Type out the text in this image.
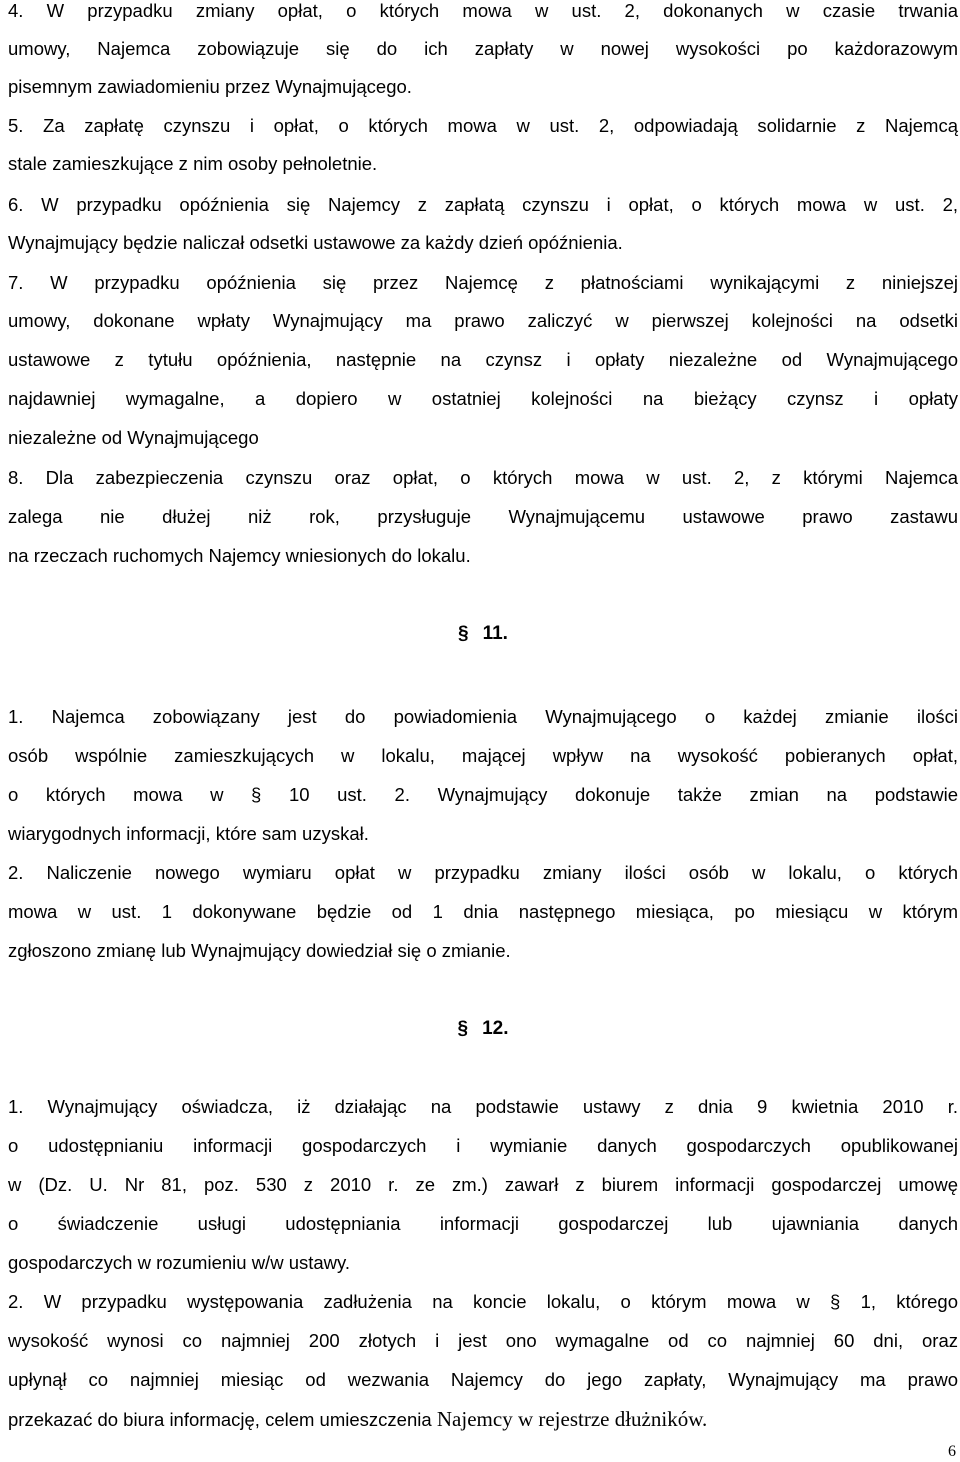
4. W przypadku zmiany opłat, o których mowa w ust. 2, dokonanych w czasie trwania
umowy, Najemca zobowiązuje się do ich zapłaty w nowej wysokości po każdorazowym
pisemnym zawiadomieniu przez Wynajmującego.
5. Za zapłatę czynszu i opłat, o których mowa w ust. 2, odpowiadają solidarnie z Najemcą
stale zamieszkujące z nim osoby pełnoletnie.
6. W przypadku opóźnienia się Najemcy z zapłatą czynszu i opłat, o których mowa w ust. 2,
Wynajmujący będzie naliczał odsetki ustawowe za każdy dzień opóźnienia.
7. W przypadku opóźnienia się przez Najemcę z płatnościami wynikającymi z niniejszej
umowy, dokonane wpłaty Wynajmujący ma prawo zaliczyć w pierwszej kolejności na odsetki
ustawowe z tytułu opóźnienia, następnie na czynsz i opłaty niezależne od Wynajmującego
najdawniej wymagalne, a dopiero w ostatniej kolejności na bieżący czynsz i opłaty
niezależne od Wynajmującego
8. Dla zabezpieczenia czynszu oraz opłat, o których mowa w ust. 2, z którymi Najemca
zalega nie dłużej niż rok, przysługuje Wynajmującemu ustawowe prawo zastawu
na rzeczach ruchomych Najemcy wniesionych do lokalu.
§ 11.
1. Najemca zobowiązany jest do powiadomienia Wynajmującego o każdej zmianie ilości
osób wspólnie zamieszkujących w lokalu, mającej wpływ na wysokość pobieranych opłat,
o których mowa w § 10 ust. 2. Wynajmujący dokonuje także zmian na podstawie
wiarygodnych informacji, które sam uzyskał.
2. Naliczenie nowego wymiaru opłat w przypadku zmiany ilości osób w lokalu, o których
mowa w ust. 1 dokonywane będzie od 1 dnia następnego miesiąca, po miesiącu w którym
zgłoszono zmianę lub Wynajmujący dowiedział się o zmianie.
§ 12.
1. Wynajmujący oświadcza, iż działając na podstawie ustawy z dnia 9 kwietnia 2010 r.
o udostępnianiu informacji gospodarczych i wymianie danych gospodarczych opublikowanej
w (Dz. U. Nr 81, poz. 530 z 2010 r. ze zm.) zawarł z biurem informacji gospodarczej umowę
o świadczenie usługi udostępniania informacji gospodarczej lub ujawniania danych
gospodarczych w rozumieniu w/w ustawy.
2. W przypadku występowania zadłużenia na koncie lokalu, o którym mowa w § 1, którego
wysokość wynosi co najmniej 200 złotych i jest ono wymagalne od co najmniej 60 dni, oraz
upłynął co najmniej miesiąc od wezwania Najemcy do jego zapłaty, Wynajmujący ma prawo
przekazać do biura informację, celem umieszczenia Najemcy w rejestrze dłużników.
6
